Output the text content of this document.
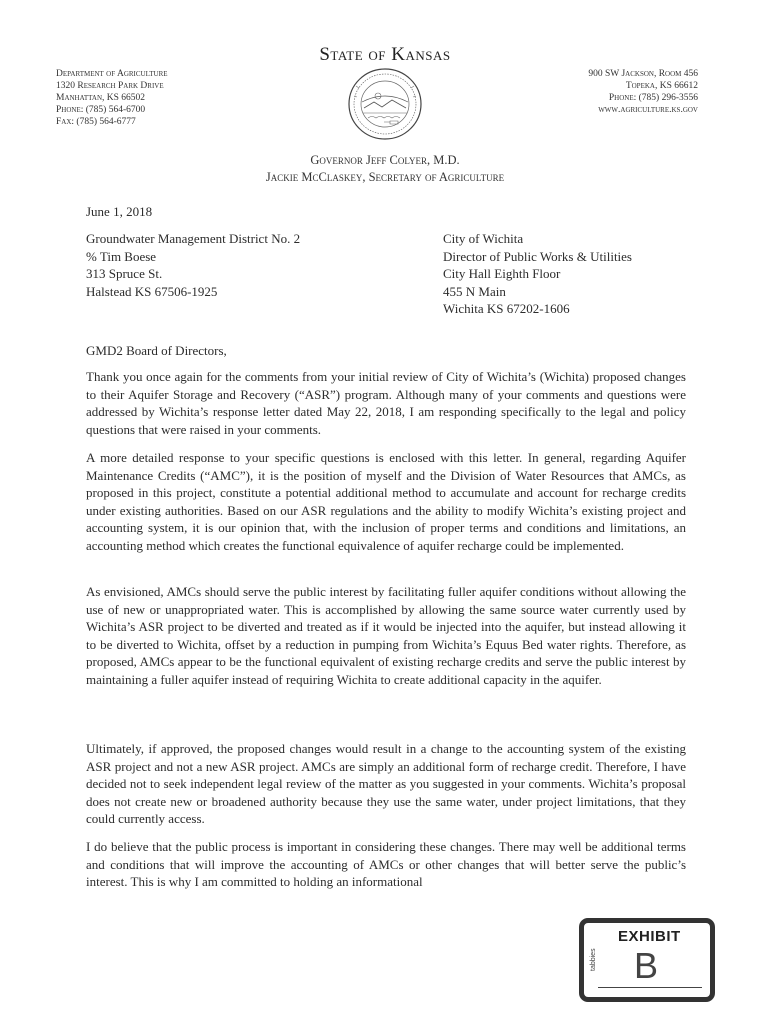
State of Kansas
Department of Agriculture
1320 Research Park Drive
Manhattan, KS 66502
Phone: (785) 564-6700
Fax: (785) 564-6777
900 SW Jackson, Room 456
Topeka, KS 66612
Phone: (785) 296-3556
www.agriculture.ks.gov
Governor Jeff Colyer, M.D.
Jackie McClaskey, Secretary of Agriculture
June 1, 2018
Groundwater Management District No. 2
% Tim Boese
313 Spruce St.
Halstead KS 67506-1925
City of Wichita
Director of Public Works & Utilities
City Hall Eighth Floor
455 N Main
Wichita KS 67202-1606
GMD2 Board of Directors,

Thank you once again for the comments from your initial review of City of Wichita’s (Wichita) proposed changes to their Aquifer Storage and Recovery (“ASR”) program. Although many of your comments and questions were addressed by Wichita’s response letter dated May 22, 2018, I am responding specifically to the legal and policy questions that were raised in your comments.

A more detailed response to your specific questions is enclosed with this letter. In general, regarding Aquifer Maintenance Credits (“AMC”), it is the position of myself and the Division of Water Resources that AMCs, as proposed in this project, constitute a potential additional method to accumulate and account for recharge credits under existing authorities. Based on our ASR regulations and the ability to modify Wichita’s existing project and accounting system, it is our opinion that, with the inclusion of proper terms and conditions and limitations, an accounting method which creates the functional equivalence of aquifer recharge could be implemented.

As envisioned, AMCs should serve the public interest by facilitating fuller aquifer conditions without allowing the use of new or unappropriated water. This is accomplished by allowing the same source water currently used by Wichita’s ASR project to be diverted and treated as if it would be injected into the aquifer, but instead allowing it to be diverted to Wichita, offset by a reduction in pumping from Wichita’s Equus Bed water rights. Therefore, as proposed, AMCs appear to be the functional equivalent of existing recharge credits and serve the public interest by maintaining a fuller aquifer instead of requiring Wichita to create additional capacity in the aquifer.

Ultimately, if approved, the proposed changes would result in a change to the accounting system of the existing ASR project and not a new ASR project. AMCs are simply an additional form of recharge credit. Therefore, I have decided not to seek independent legal review of the matter as you suggested in your comments. Wichita’s proposal does not create new or broadened authority because they use the same water, under project limitations, that they could currently access.

I do believe that the public process is important in considering these changes. There may well be additional terms and conditions that will improve the accounting of AMCs or other changes that will better serve the public’s interest. This is why I am committed to holding an informational

EXHIBIT
tabbies B
